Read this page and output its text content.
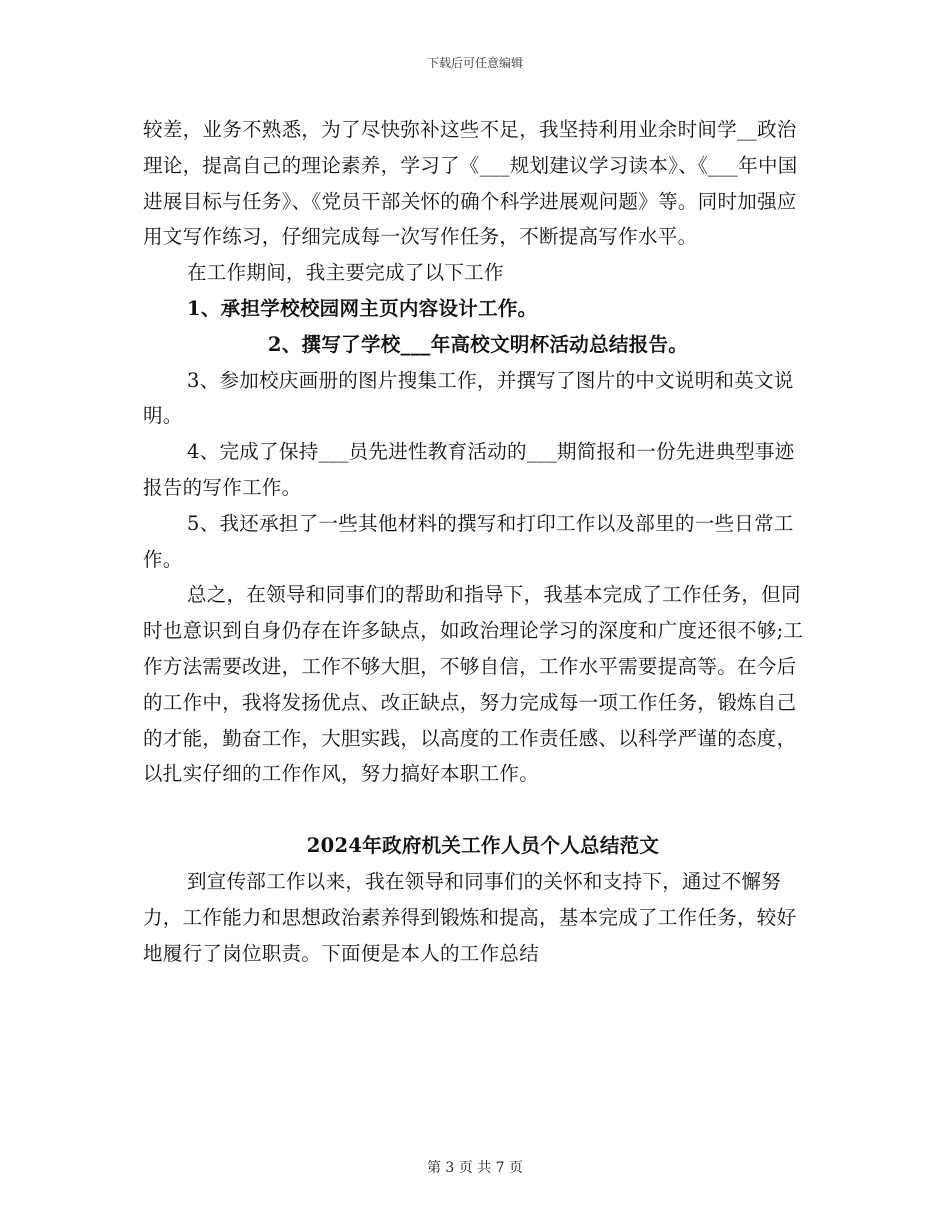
下载后可任意编辑

较差，业务不熟悉，为了尽快弥补这些不足，我坚持利用业余时间学__政治理论，提高自己的理论素养，学习了《___规划建议学习读本》、《___年中国进展目标与任务》、《党员干部关怀的确个科学进展观问题》等。同时加强应用文写作练习，仔细完成每一次写作任务，不断提高写作水平。

在工作期间，我主要完成了以下工作

1、承担学校校园网主页内容设计工作。

2、撰写了学校___年高校文明杯活动总结报告。

3、参加校庆画册的图片搜集工作，并撰写了图片的中文说明和英文说明。

4、完成了保持___员先进性教育活动的___期简报和一份先进典型事迹报告的写作工作。

5、我还承担了一些其他材料的撰写和打印工作以及部里的一些日常工作。

总之，在领导和同事们的帮助和指导下，我基本完成了工作任务，但同时也意识到自身仍存在许多缺点，如政治理论学习的深度和广度还很不够;工作方法需要改进，工作不够大胆，不够自信，工作水平需要提高等。在今后的工作中，我将发扬优点、改正缺点，努力完成每一项工作任务，锻炼自己的才能，勤奋工作，大胆实践，以高度的工作责任感、以科学严谨的态度，以扎实仔细的工作作风，努力搞好本职工作。

2024年政府机关工作人员个人总结范文

到宣传部工作以来，我在领导和同事们的关怀和支持下，通过不懈努力，工作能力和思想政治素养得到锻炼和提高，基本完成了工作任务，较好地履行了岗位职责。下面便是本人的工作总结

第 3 页 共 7 页
